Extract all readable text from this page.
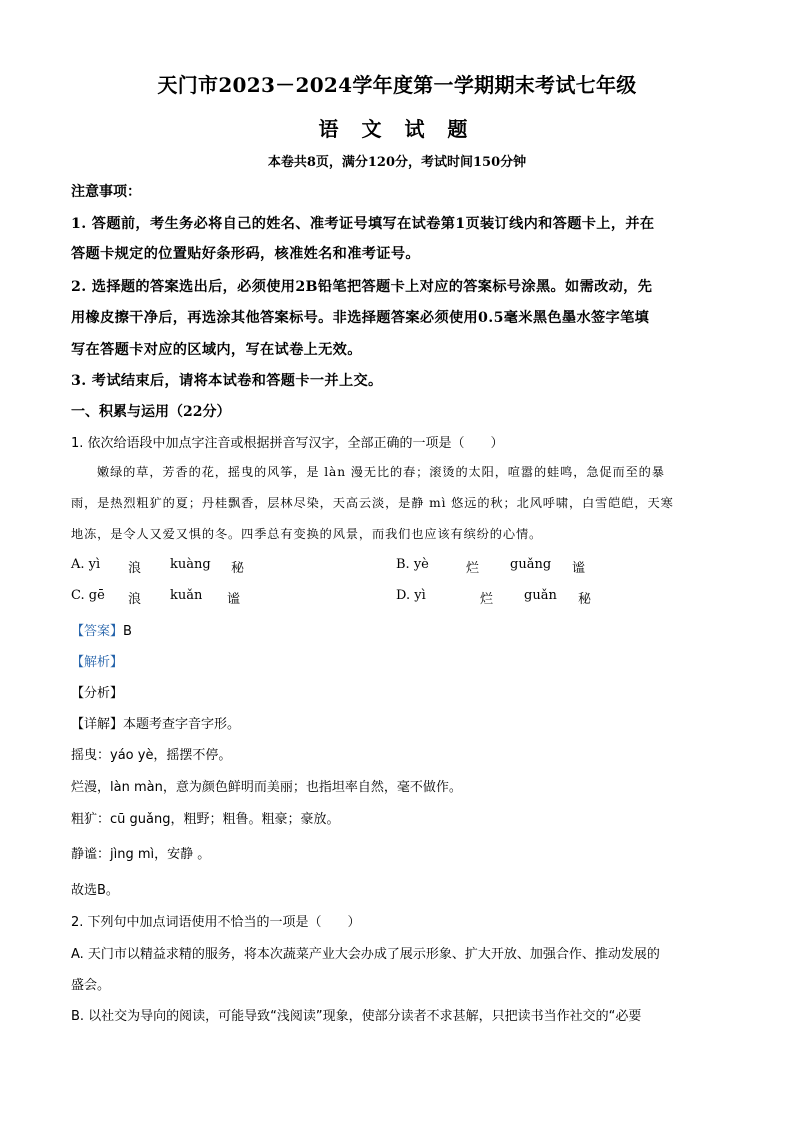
天门市2023－2024学年度第一学期期末考试七年级
语 文 试 题
本卷共8页，满分120分，考试时间150分钟
注意事项：
1. 答题前，考生务必将自己的姓名、准考证号填写在试卷第1页装订线内和答题卡上，并在
答题卡规定的位置贴好条形码，核准姓名和准考证号。
2. 选择题的答案选出后，必须使用2B铅笔把答题卡上对应的答案标号涂黑。如需改动，先
用橡皮擦干净后，再选涂其他答案标号。非选择题答案必须使用0.5毫米黑色墨水签字笔填
写在答题卡对应的区域内，写在试卷上无效。
3. 考试结束后，请将本试卷和答题卡一并上交。
一、积累与运用（22分）
1. 依次给语段中加点字注音或根据拼音写汉字，全部正确的一项是（　　）
嫩绿的草，芳香的花，摇曳的风筝，是 làn 漫无比的春；滚烫的太阳，喧嚣的蛙鸣，急促而至的暴
雨，是热烈粗犷的夏；丹桂飘香，层林尽染，天高云淡，是静 mì 悠远的秋；北风呼啸，白雪皑皑，天寒
地冻，是令人又爱又惧的冬。四季总有变换的风景，而我们也应该有缤纷的心情。
A. yì 浪 kuàng 秘	B. yè	烂 guǎng 谧
C. gē 浪 kuǎn 谧	D. yì	烂 guǎn 秘
【答案】B
【解析】
【分析】
【详解】本题考查字音字形。
摇曳：yáo yè，摇摆不停。
烂漫，làn màn，意为颜色鲜明而美丽；也指坦率自然，毫不做作。
粗犷：cū guǎng，粗野；粗鲁。粗豪；豪放。
静谧：jìng mì，安静 。
故选B。
2. 下列句中加点词语使用不恰当的一项是（　　）
A. 天门市以精益求精的服务，将本次蔬菜产业大会办成了展示形象、扩大开放、加强合作、推动发展的
盛会。
B. 以社交为导向的阅读，可能导致“浅阅读”现象，使部分读者不求甚解，只把读书当作社交的“必要
